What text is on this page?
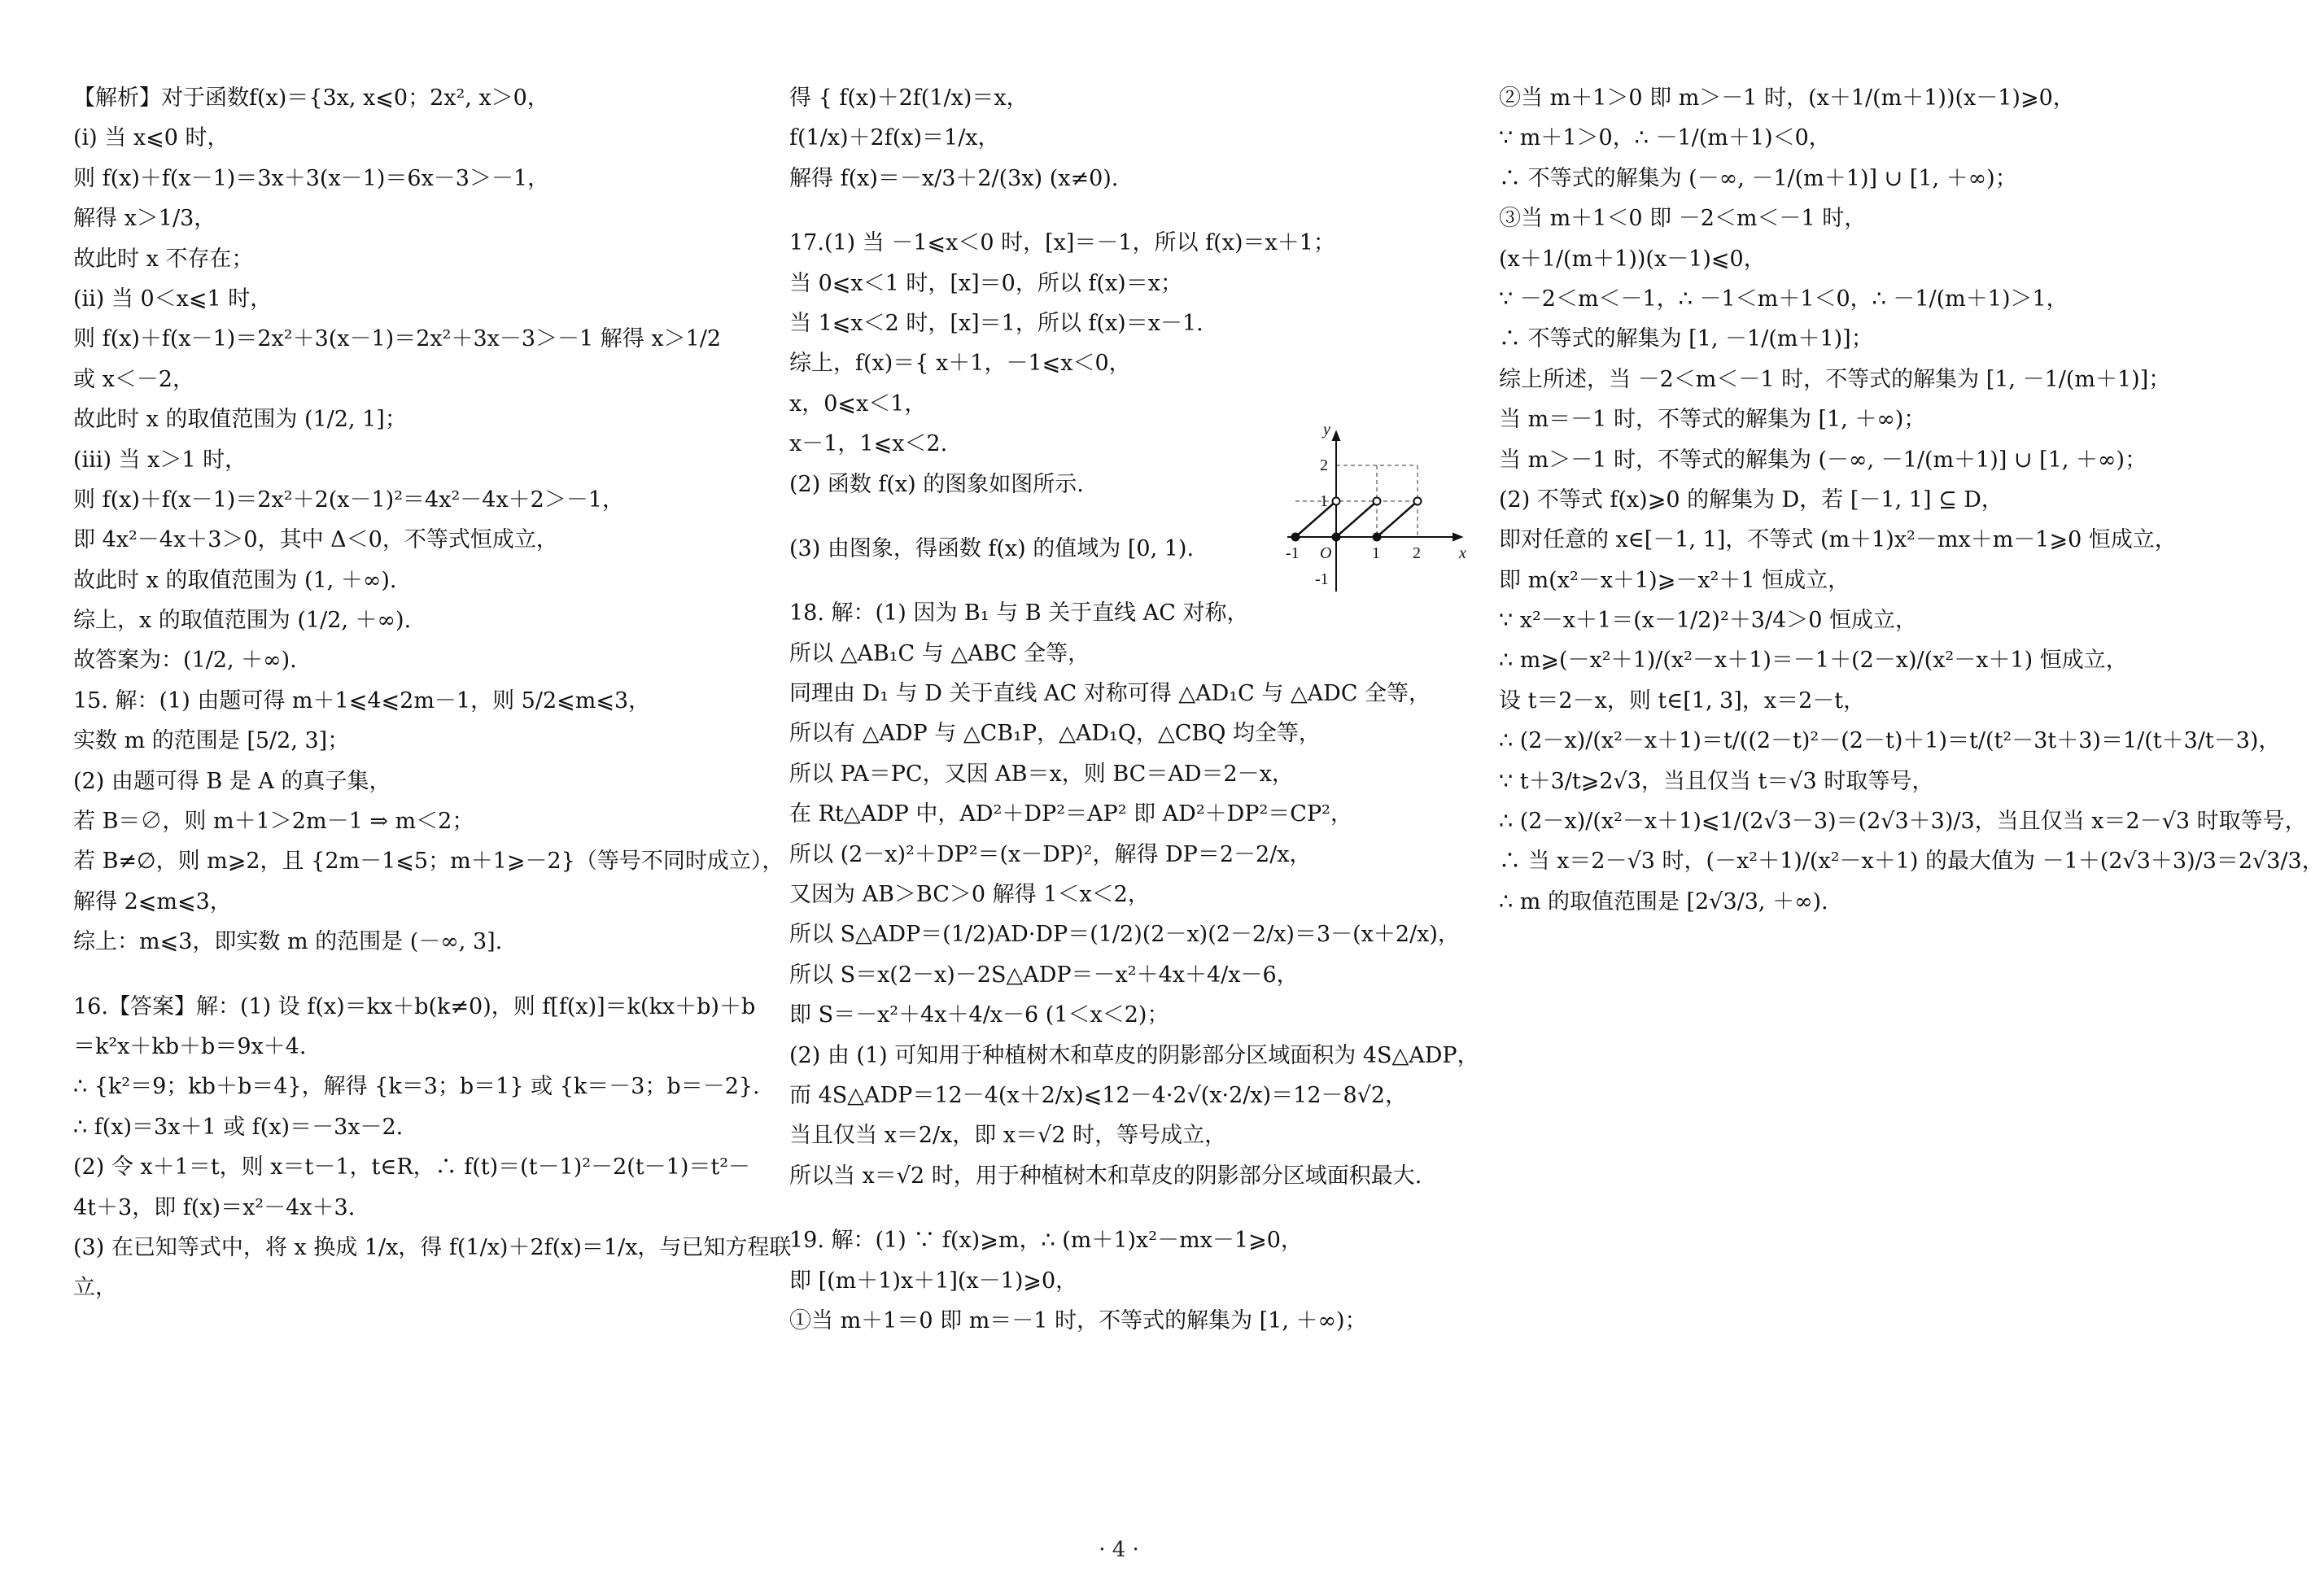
【解析】对于函数f(x)＝{3x, x⩽0；2x², x＞0，
(i) 当 x⩽0 时，
则 f(x)＋f(x－1)＝3x＋3(x－1)＝6x－3＞－1，
解得 x＞1/3，
故此时 x 不存在；
(ii) 当 0＜x⩽1 时，
则 f(x)＋f(x－1)＝2x²＋3(x－1)＝2x²＋3x－3＞－1 解得 x＞1/2
或 x＜－2，
故此时 x 的取值范围为 (1/2, 1]；
(iii) 当 x＞1 时，
则 f(x)＋f(x－1)＝2x²＋2(x－1)²＝4x²－4x＋2＞－1，
即 4x²－4x＋3＞0，其中 Δ＜0，不等式恒成立，
故此时 x 的取值范围为 (1, ＋∞).
综上，x 的取值范围为 (1/2, ＋∞).
故答案为：(1/2, ＋∞).
15. 解：(1) 由题可得 m＋1⩽4⩽2m－1，则 5/2⩽m⩽3，
实数 m 的范围是 [5/2, 3]；
(2) 由题可得 B 是 A 的真子集，
若 B＝∅，则 m＋1＞2m－1 ⇒ m＜2；
若 B≠∅，则 m⩾2，且 {2m－1⩽5；m＋1⩾－2}（等号不同时成立），
解得 2⩽m⩽3，
综上：m⩽3，即实数 m 的范围是 (－∞, 3].
16.【答案】解：(1) 设 f(x)＝kx＋b(k≠0)，则 f[f(x)]＝k(kx＋b)＋b
＝k²x＋kb＋b＝9x＋4.
∴ {k²＝9；kb＋b＝4}，解得 {k＝3；b＝1} 或 {k＝－3；b＝－2}.
∴ f(x)＝3x＋1 或 f(x)＝－3x－2.
(2) 令 x＋1＝t，则 x＝t－1，t∈R，∴ f(t)＝(t－1)²－2(t－1)＝t²－
4t＋3，即 f(x)＝x²－4x＋3.
(3) 在已知等式中，将 x 换成 1/x，得 f(1/x)＋2f(x)＝1/x，与已知方程联
立，
得 { f(x)＋2f(1/x)＝x，
f(1/x)＋2f(x)＝1/x，
解得 f(x)＝－x/3＋2/(3x) (x≠0).
17.(1) 当 －1⩽x＜0 时，[x]＝－1，所以 f(x)＝x＋1；
当 0⩽x＜1 时，[x]＝0，所以 f(x)＝x；
当 1⩽x＜2 时，[x]＝1，所以 f(x)＝x－1.
综上，f(x)＝{ x＋1，－1⩽x＜0，
x，0⩽x＜1，
x－1，1⩽x＜2.
(2) 函数 f(x) 的图象如图所示.
(3) 由图象，得函数 f(x) 的值域为 [0, 1).
18. 解：(1) 因为 B₁ 与 B 关于直线 AC 对称，
所以 △AB₁C 与 △ABC 全等，
同理由 D₁ 与 D 关于直线 AC 对称可得 △AD₁C 与 △ADC 全等，
所以有 △ADP 与 △CB₁P，△AD₁Q，△CBQ 均全等，
所以 PA＝PC，又因 AB＝x，则 BC＝AD＝2－x，
在 Rt△ADP 中，AD²＋DP²＝AP² 即 AD²＋DP²＝CP²，
所以 (2－x)²＋DP²＝(x－DP)²，解得 DP＝2－2/x，
又因为 AB＞BC＞0 解得 1＜x＜2，
所以 S△ADP＝(1/2)AD·DP＝(1/2)(2－x)(2－2/x)＝3－(x＋2/x)，
所以 S＝x(2－x)－2S△ADP＝－x²＋4x＋4/x－6，
即 S＝－x²＋4x＋4/x－6 (1＜x＜2)；
(2) 由 (1) 可知用于种植树木和草皮的阴影部分区域面积为 4S△ADP，
而 4S△ADP＝12－4(x＋2/x)⩽12－4·2√(x·2/x)＝12－8√2，
当且仅当 x＝2/x，即 x＝√2 时，等号成立，
所以当 x＝√2 时，用于种植树木和草皮的阴影部分区域面积最大.
19. 解：(1) ∵ f(x)⩾m，∴ (m＋1)x²－mx－1⩾0，
即 [(m＋1)x＋1](x－1)⩾0，
①当 m＋1＝0 即 m＝－1 时，不等式的解集为 [1, ＋∞)；
②当 m＋1＞0 即 m＞－1 时，(x＋1/(m＋1))(x－1)⩾0，
∵ m＋1＞0，∴ －1/(m＋1)＜0，
∴ 不等式的解集为 (－∞, －1/(m＋1)] ∪ [1, ＋∞)；
③当 m＋1＜0 即 －2＜m＜－1 时，
(x＋1/(m＋1))(x－1)⩽0，
∵ －2＜m＜－1，∴ －1＜m＋1＜0，∴ －1/(m＋1)＞1，
∴ 不等式的解集为 [1, －1/(m＋1)]；
综上所述，当 －2＜m＜－1 时，不等式的解集为 [1, －1/(m＋1)]；
当 m＝－1 时，不等式的解集为 [1, ＋∞)；
当 m＞－1 时，不等式的解集为 (－∞, －1/(m＋1)] ∪ [1, ＋∞)；
(2) 不等式 f(x)⩾0 的解集为 D，若 [－1, 1] ⊆ D，
即对任意的 x∈[－1, 1]，不等式 (m＋1)x²－mx＋m－1⩾0 恒成立，
即 m(x²－x＋1)⩾－x²＋1 恒成立，
∵ x²－x＋1＝(x－1/2)²＋3/4＞0 恒成立，
∴ m⩾(－x²＋1)/(x²－x＋1)＝－1＋(2－x)/(x²－x＋1) 恒成立，
设 t＝2－x，则 t∈[1, 3]，x＝2－t，
∴ (2－x)/(x²－x＋1)＝t/((2－t)²－(2－t)＋1)＝t/(t²－3t＋3)＝1/(t＋3/t－3)，
∵ t＋3/t⩾2√3，当且仅当 t＝√3 时取等号，
∴ (2－x)/(x²－x＋1)⩽1/(2√3－3)＝(2√3＋3)/3，当且仅当 x＝2－√3 时取等号，
∴ 当 x＝2－√3 时，(－x²＋1)/(x²－x＋1) 的最大值为 －1＋(2√3＋3)/3＝2√3/3，
∴ m 的取值范围是 [2√3/3, ＋∞).
x
y
O
-1	1 2
2
1
-1
· 4 ·
